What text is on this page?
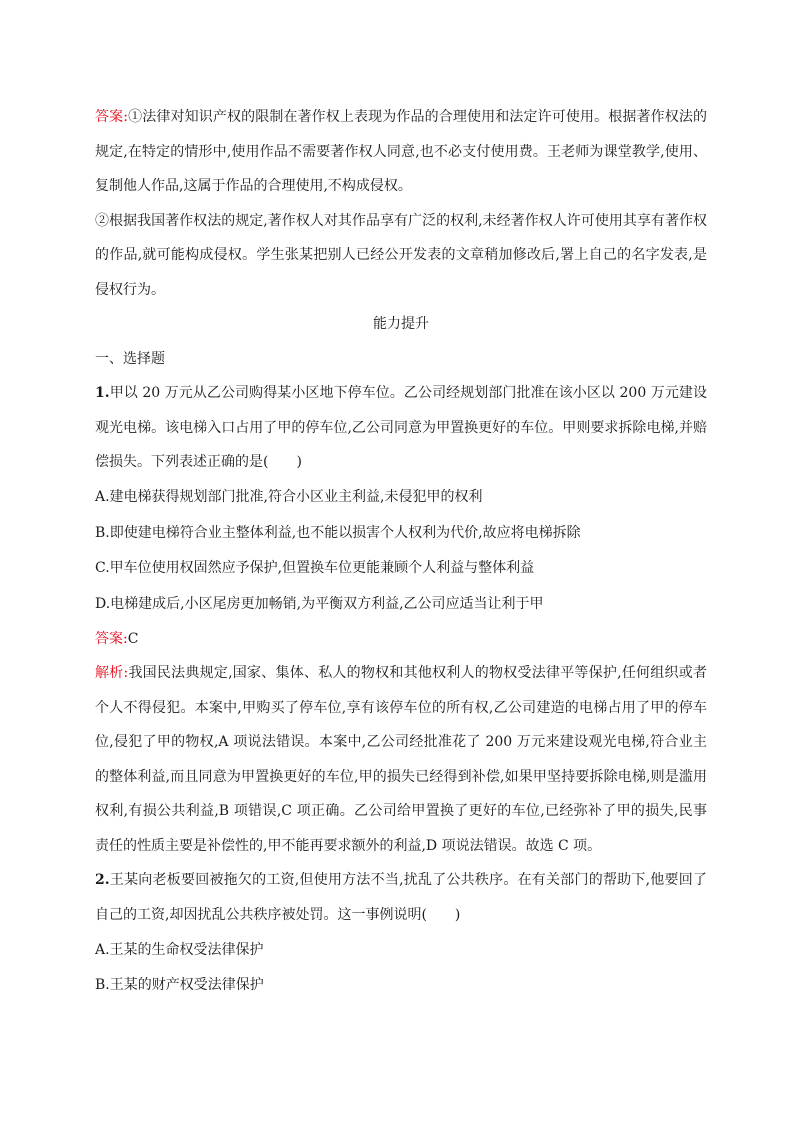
答案:①法律对知识产权的限制在著作权上表现为作品的合理使用和法定许可使用。根据著作权法的规定,在特定的情形中,使用作品不需要著作权人同意,也不必支付使用费。王老师为课堂教学,使用、复制他人作品,这属于作品的合理使用,不构成侵权。

②根据我国著作权法的规定,著作权人对其作品享有广泛的权利,未经著作权人许可使用其享有著作权的作品,就可能构成侵权。学生张某把别人已经公开发表的文章稍加修改后,署上自己的名字发表,是侵权行为。

能力提升

一、选择题

1.甲以 20 万元从乙公司购得某小区地下停车位。乙公司经规划部门批准在该小区以 200 万元建设观光电梯。该电梯入口占用了甲的停车位,乙公司同意为甲置换更好的车位。甲则要求拆除电梯,并赔偿损失。下列表述正确的是(　　)

A.建电梯获得规划部门批准,符合小区业主利益,未侵犯甲的权利

B.即使建电梯符合业主整体利益,也不能以损害个人权利为代价,故应将电梯拆除

C.甲车位使用权固然应予保护,但置换车位更能兼顾个人利益与整体利益

D.电梯建成后,小区尾房更加畅销,为平衡双方利益,乙公司应适当让利于甲

答案:C

解析:我国民法典规定,国家、集体、私人的物权和其他权利人的物权受法律平等保护,任何组织或者个人不得侵犯。本案中,甲购买了停车位,享有该停车位的所有权,乙公司建造的电梯占用了甲的停车位,侵犯了甲的物权,A 项说法错误。本案中,乙公司经批准花了 200 万元来建设观光电梯,符合业主的整体利益,而且同意为甲置换更好的车位,甲的损失已经得到补偿,如果甲坚持要拆除电梯,则是滥用权利,有损公共利益,B 项错误,C 项正确。乙公司给甲置换了更好的车位,已经弥补了甲的损失,民事责任的性质主要是补偿性的,甲不能再要求额外的利益,D 项说法错误。故选 C 项。

2.王某向老板要回被拖欠的工资,但使用方法不当,扰乱了公共秩序。在有关部门的帮助下,他要回了自己的工资,却因扰乱公共秩序被处罚。这一事例说明(　　)

A.王某的生命权受法律保护

B.王某的财产权受法律保护
